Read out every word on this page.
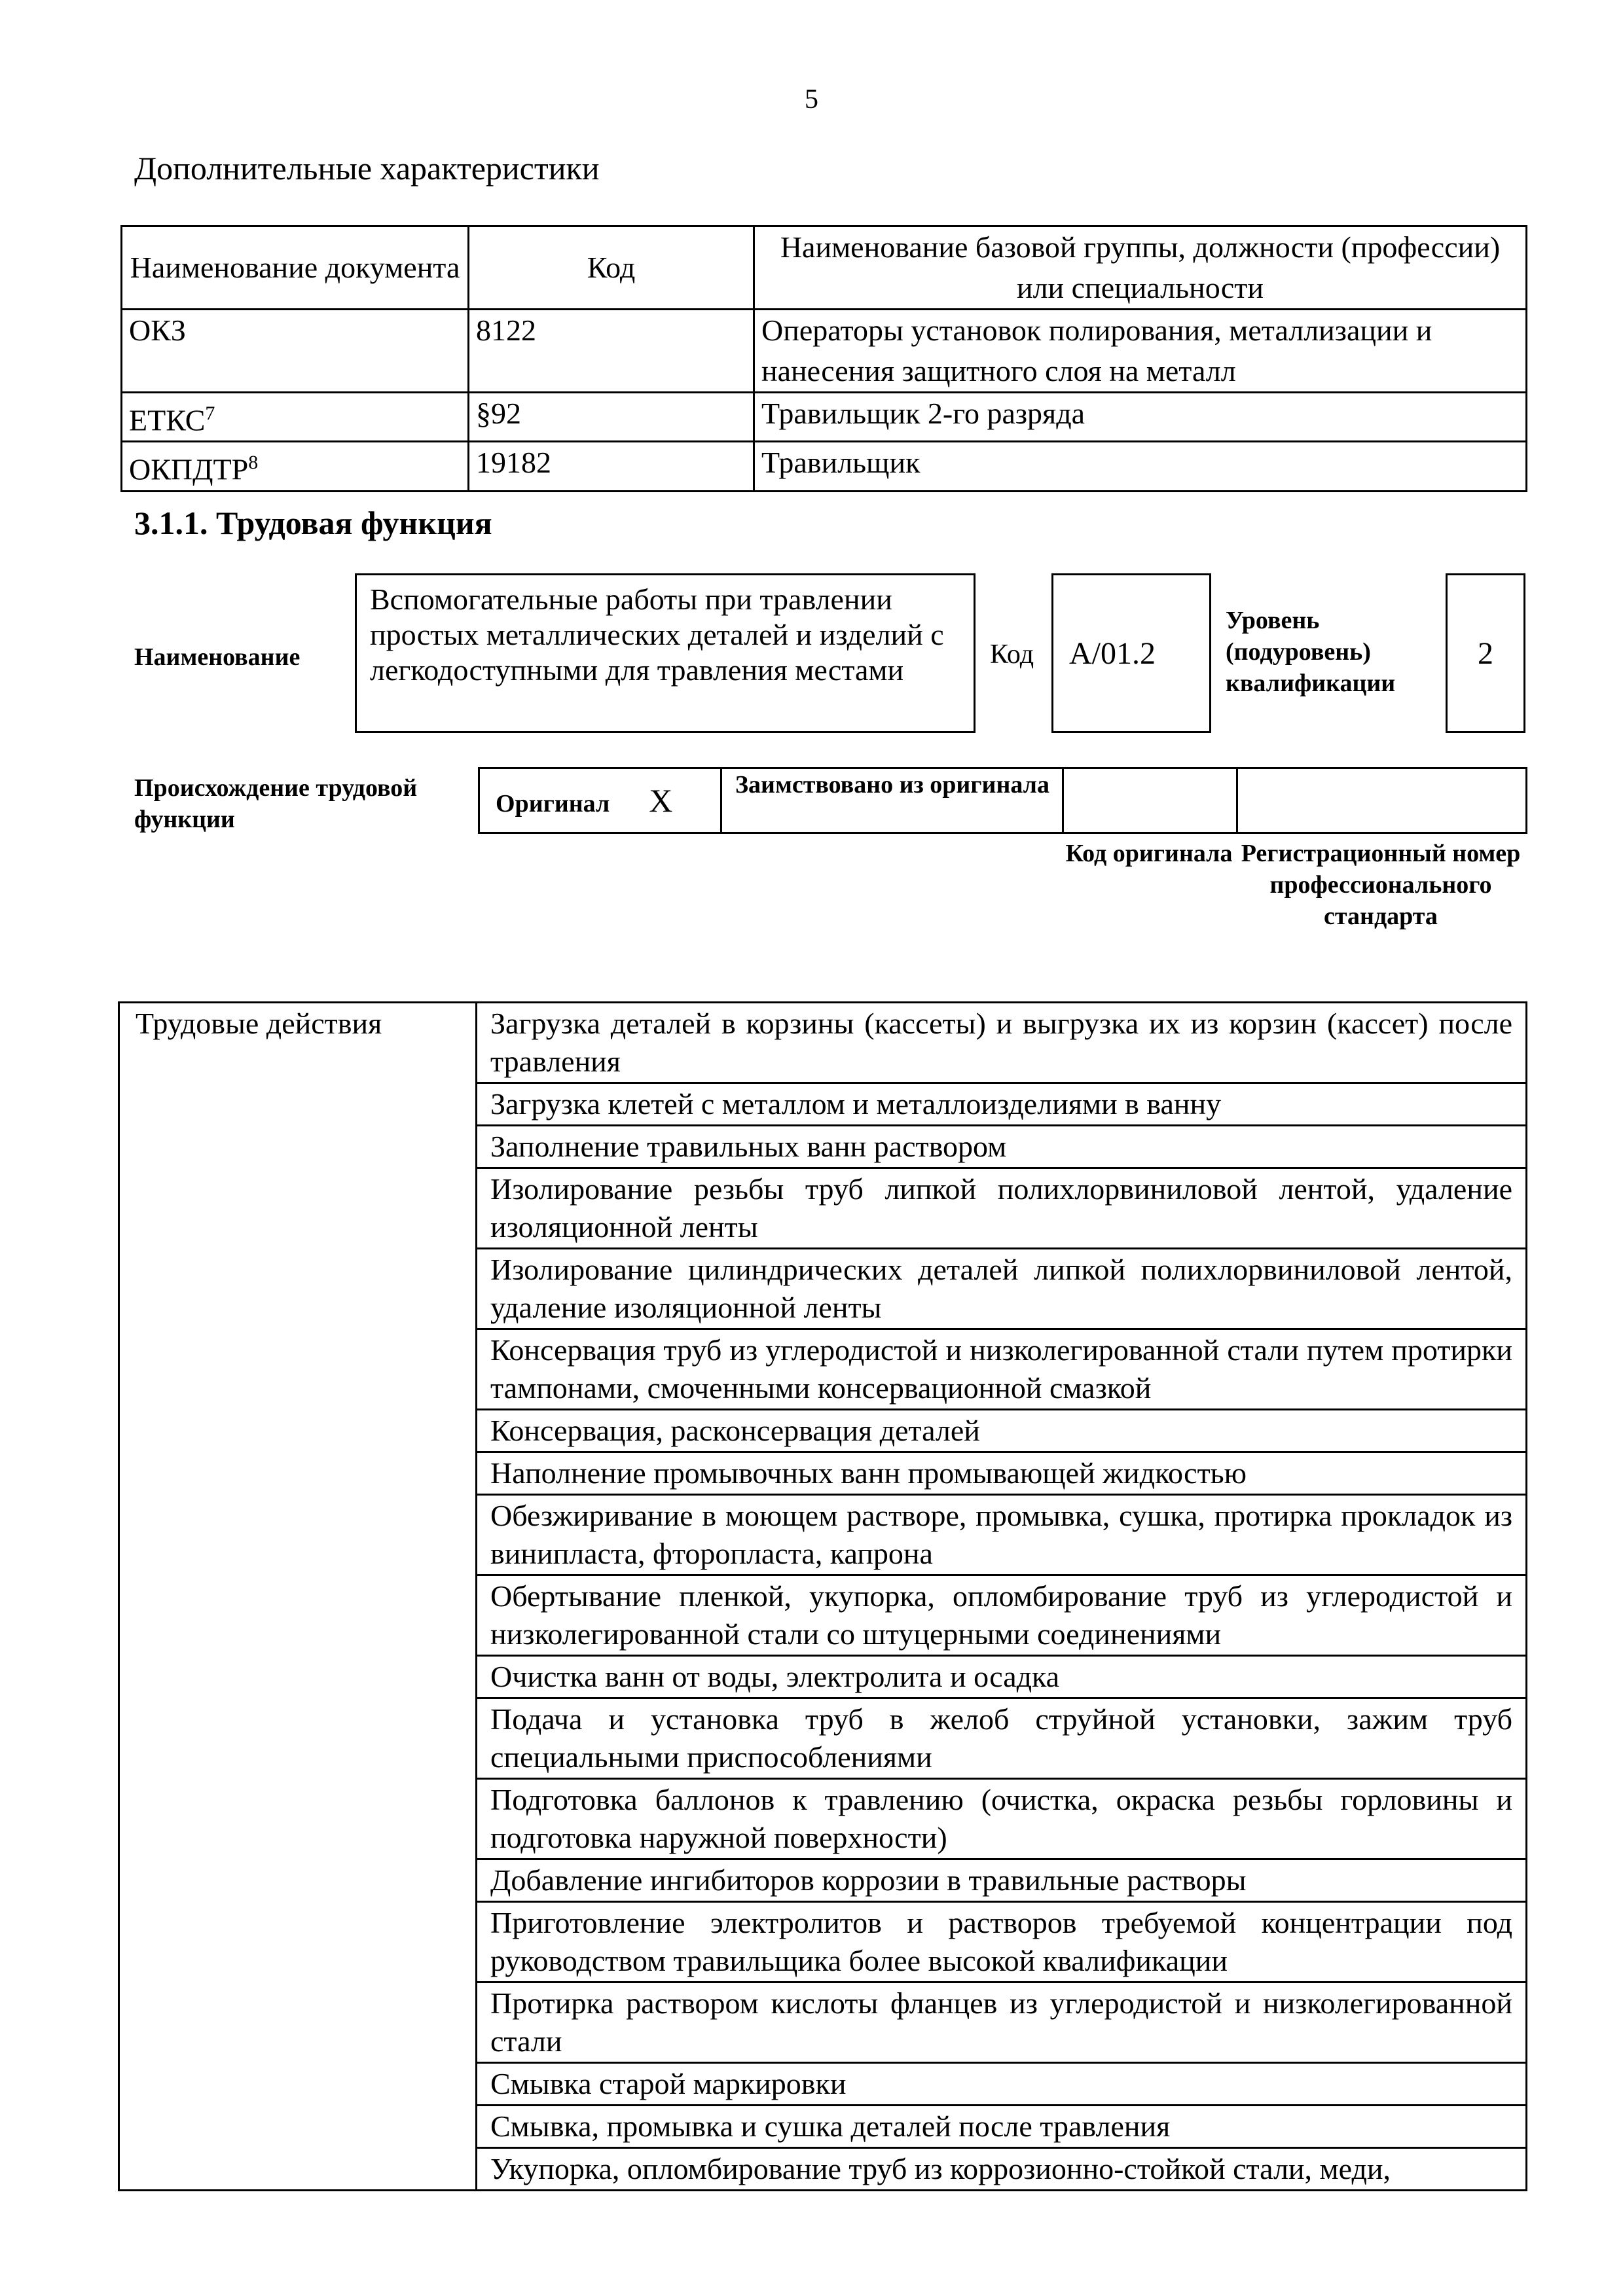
5
Дополнительные характеристики
Наименование документа	Код	Наименование базовой группы, должности (профессии) или специальности
ОКЗ	8122	Операторы установок полирования, металлизации и нанесения защитного слоя на металл
ЕТКС$^7$	§92	Травильщик 2-го разряда
ОКПДТР$^8$	19182	Травильщик
3.1.1. Трудовая функция
Наименование
Вспомогательные работы при травлении простых металлических деталей и изделий с легкодоступными для травления местами	Код	A/01.2
Уровень (подуровень) квалификации
2
Происхождение трудовой функции
Оригинал X	Заимствовано из оригинала		
Код оригинала Регистрационный номер профессионального стандарта
Трудовые действия	Загрузка деталей в корзины (кассеты) и выгрузка их из корзин (кассет) после травления
Загрузка клетей с металлом и металлоизделиями в ванну
Заполнение травильных ванн раствором
Изолирование резьбы труб липкой полихлорвиниловой лентой, удаление изоляционной ленты
Изолирование цилиндрических деталей липкой полихлорвиниловой лентой, удаление изоляционной ленты
Консервация труб из углеродистой и низколегированной стали путем протирки тампонами, смоченными консервационной смазкой
Консервация, расконсервация деталей
Наполнение промывочных ванн промывающей жидкостью
Обезжиривание в моющем растворе, промывка, сушка, протирка прокладок из винипласта, фторопласта, капрона
Обертывание пленкой, укупорка, опломбирование труб из углеродистой и низколегированной стали со штуцерными соединениями
Очистка ванн от воды, электролита и осадка
Подача и установка труб в желоб струйной установки, зажим труб специальными приспособлениями
Подготовка баллонов к травлению (очистка, окраска резьбы горловины и подготовка наружной поверхности)
Добавление ингибиторов коррозии в травильные растворы
Приготовление электролитов и растворов требуемой концентрации под руководством травильщика более высокой квалификации
Протирка раствором кислоты фланцев из углеродистой и низколегированной стали
Смывка старой маркировки
Смывка, промывка и сушка деталей после травления
Укупорка, опломбирование труб из коррозионно-стойкой стали, меди,
